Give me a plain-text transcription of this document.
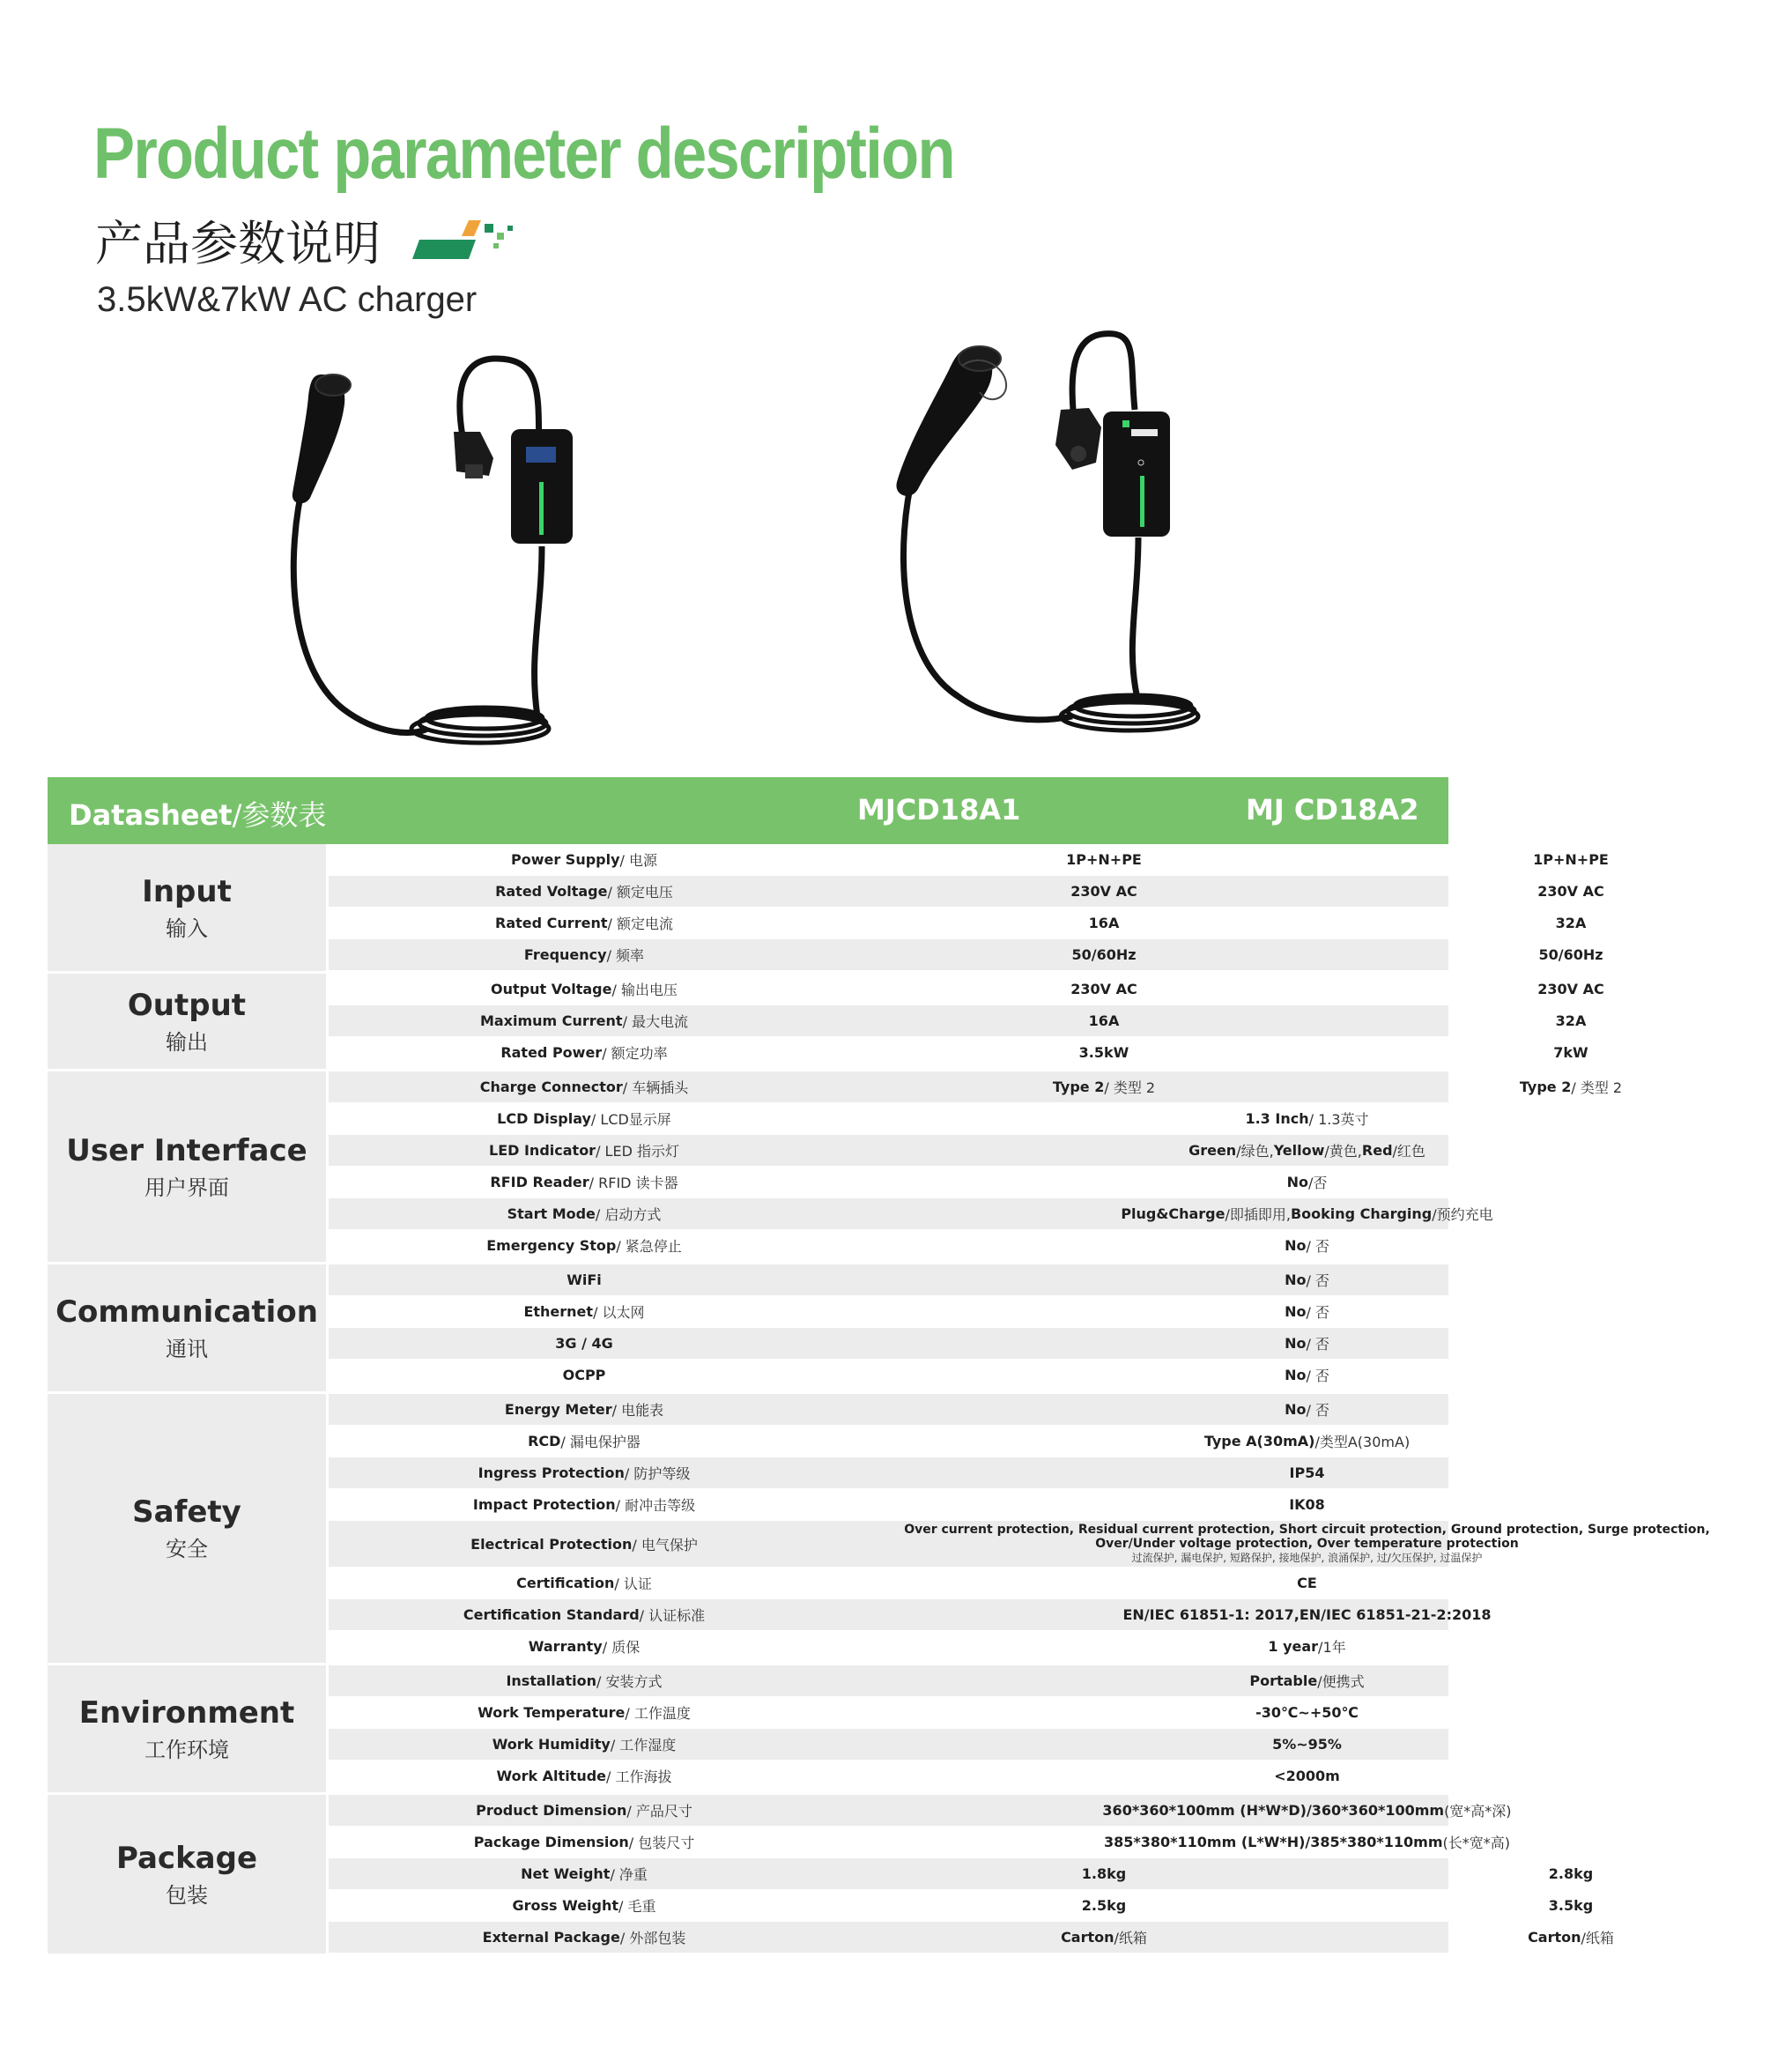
Product parameter description
产品参数说明
3.5kW&7kW AC charger
Datasheet/参数表	MJCD18A1	MJ CD18A2
Input
输入
Power Supply / 电源	1P+N+PE	1P+N+PE
Rated Voltage / 额定电压	230V AC	230V AC
Rated Current / 额定电流	16A	32A
Frequency / 频率	50/60Hz	50/60Hz
Output
输出
Output Voltage / 输出电压	230V AC	230V AC
Maximum Current / 最大电流	16A	32A
Rated Power / 额定功率	3.5kW	7kW
User Interface
用户界面
Charge Connector / 车辆插头	Type 2 / 类型 2	Type 2 / 类型 2
LCD Display / LCD显示屏	1.3 Inch / 1.3英寸
LED Indicator / LED 指示灯	Green /绿色, Yellow /黄色, Red /红色
RFID Reader / RFID 读卡器	No /否
Start Mode / 启动方式	Plug&Charge /即插即用, Booking Charging /预约充电
Emergency Stop / 紧急停止	No / 否
Communication
通讯
WiFi	No / 否
Ethernet / 以太网	No / 否
3G / 4G	No / 否
OCPP	No / 否
Safety
安全
Energy Meter / 电能表	No / 否
RCD / 漏电保护器	Type A(30mA) /类型A(30mA)
Ingress Protection / 防护等级	IP54
Impact Protection / 耐冲击等级	IK08
Electrical Protection / 电气保护
Over current protection, Residual current protection, Short circuit protection, Ground protection, Surge protection,
Over/Under voltage protection, Over temperature protection
过流保护, 漏电保护, 短路保护, 接地保护, 浪涌保护, 过/欠压保护, 过温保护
Certification / 认证	CE
Certification Standard / 认证标准	EN/IEC 61851-1: 2017,EN/IEC 61851-21-2:2018
Warranty / 质保	1 year /1年
Environment
工作环境
Installation / 安装方式	Portable /便携式
Work Temperature / 工作温度	-30℃~+50℃
Work Humidity / 工作湿度	5%~95%
Work Altitude / 工作海拔	<2000m
Package
包装
Product Dimension / 产品尺寸	360*360*100mm (H*W*D)/360*360*100mm (宽*高*深)
Package Dimension / 包装尺寸	385*380*110mm (L*W*H)/385*380*110mm (长*宽*高)
Net Weight / 净重	1.8kg	2.8kg
Gross Weight / 毛重	2.5kg	3.5kg
External Package / 外部包装	Carton /纸箱	Carton /纸箱
